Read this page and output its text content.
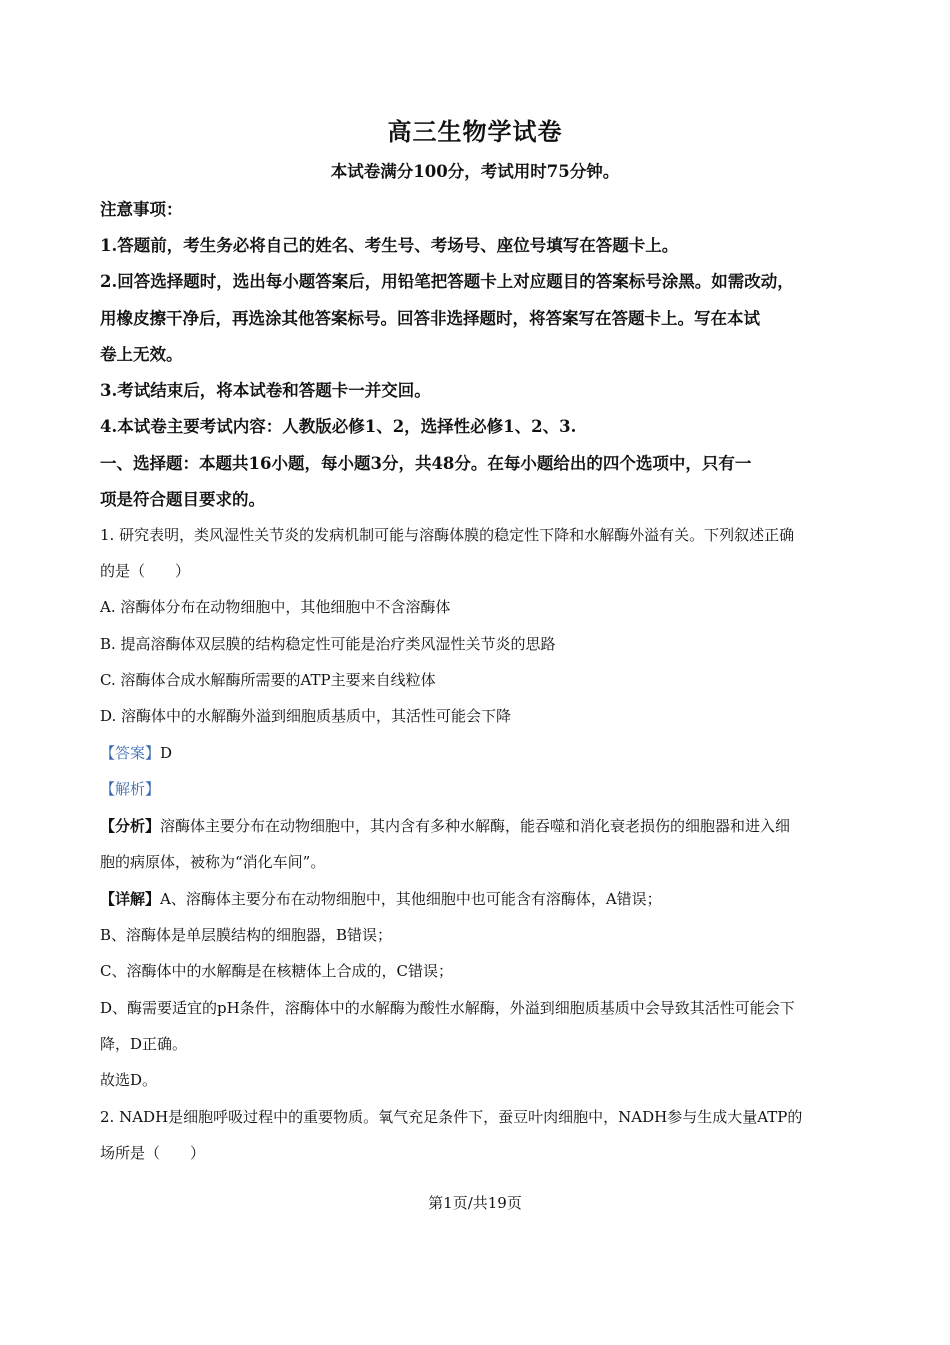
高三生物学试卷
本试卷满分100分，考试用时75分钟。
注意事项：
1.答题前，考生务必将自己的姓名、考生号、考场号、座位号填写在答题卡上。
2.回答选择题时，选出每小题答案后，用铅笔把答题卡上对应题目的答案标号涂黑。如需改动，
用橡皮擦干净后，再选涂其他答案标号。回答非选择题时，将答案写在答题卡上。写在本试
卷上无效。
3.考试结束后，将本试卷和答题卡一并交回。
4.本试卷主要考试内容：人教版必修1、2，选择性必修1、2、3.
一、选择题：本题共16小题，每小题3分，共48分。在每小题给出的四个选项中，只有一
项是符合题目要求的。
1. 研究表明，类风湿性关节炎的发病机制可能与溶酶体膜的稳定性下降和水解酶外溢有关。下列叙述正确
的是（　　）
A. 溶酶体分布在动物细胞中，其他细胞中不含溶酶体
B. 提高溶酶体双层膜的结构稳定性可能是治疗类风湿性关节炎的思路
C. 溶酶体合成水解酶所需要的ATP主要来自线粒体
D. 溶酶体中的水解酶外溢到细胞质基质中，其活性可能会下降
【答案】D
【解析】
【分析】溶酶体主要分布在动物细胞中，其内含有多种水解酶，能吞噬和消化衰老损伤的细胞器和进入细
胞的病原体，被称为“消化车间”。
【详解】A、溶酶体主要分布在动物细胞中，其他细胞中也可能含有溶酶体，A错误；
B、溶酶体是单层膜结构的细胞器，B错误；
C、溶酶体中的水解酶是在核糖体上合成的，C错误；
D、酶需要适宜的pH条件，溶酶体中的水解酶为酸性水解酶，外溢到细胞质基质中会导致其活性可能会下
降，D正确。
故选D。
2. NADH是细胞呼吸过程中的重要物质。氧气充足条件下，蚕豆叶肉细胞中，NADH参与生成大量ATP的
场所是（　　）
第1页/共19页
